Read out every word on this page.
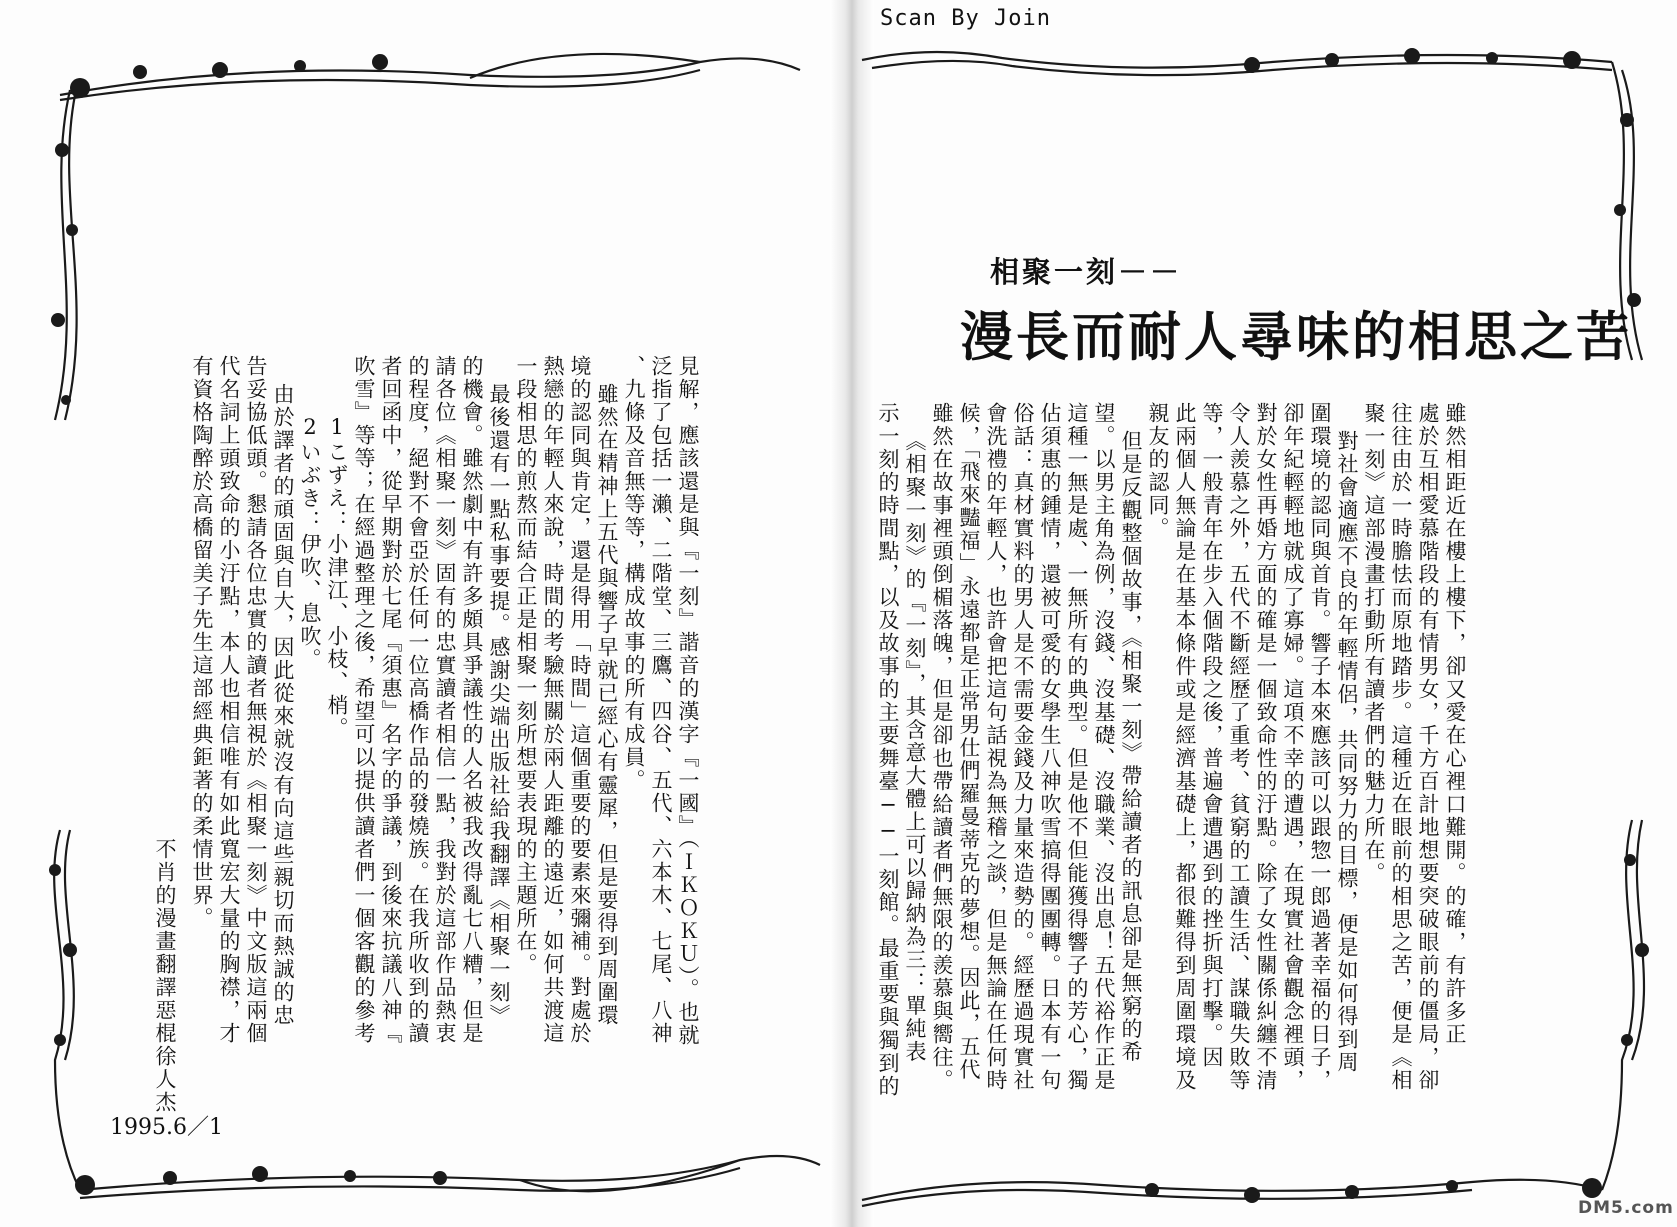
Scan By Join
相聚一刻－－
漫長而耐人尋味的相思之苦
雖然相距近在樓上樓下，卻又愛在心裡口難開。的確，有許多正
處於互相愛慕階段的有情男女，千方百計地想要突破眼前的僵局，卻
往往由於一時膽怯而原地踏步。這種近在眼前的相思之苦，便是《相
聚一刻》這部漫畫打動所有讀者們的魅力所在。
對社會適應不良的年輕情侶，共同努力的目標，便是如何得到周
圍環境的認同與首肯。響子本來應該可以跟惣一郎過著幸福的日子，
卻年紀輕輕地就成了寡婦。這項不幸的遭遇，在現實社會觀念裡頭，
對於女性再婚方面的確是一個致命性的汙點。除了女性關係糾纏不清
令人羨慕之外，五代不斷經歷了重考、貧窮的工讀生活、謀職失敗等
等，一般青年在步入個階段之後，普遍會遭遇到的挫折與打擊。因
此兩個人無論是在基本條件或是經濟基礎上，都很難得到周圍環境及
親友的認同。
但是反觀整個故事，《相聚一刻》帶給讀者的訊息卻是無窮的希
望。以男主角為例，沒錢、沒基礎、沒職業、沒出息！五代裕作正是
這種一無是處、一無所有的典型。但是他不但能獲得響子的芳心，獨
佔須惠的鍾情，還被可愛的女學生八神吹雪搞得團團轉。日本有一句
俗話：真材實料的男人是不需要金錢及力量來造勢的。經歷過現實社
會洗禮的年輕人，也許會把這句話視為無稽之談，但是無論在任何時
候，「飛來豔福」永遠都是正常男仕們羅曼蒂克的夢想。因此，五代
雖然在故事裡頭倒楣落魄，但是卻也帶給讀者們無限的羨慕與嚮往。
《相聚一刻》的『一刻』，其含意大體上可以歸納為三：單純表
示一刻的時間點，以及故事的主要舞臺──一刻館。最重要與獨到的
見解，應該還是與『一刻』諧音的漢字『一國』（ＩＫＯＫＵ）。也就
泛指了包括一瀨、二階堂、三鷹、四谷、五代、六本木、七尾、八神
、九條及音無等等，構成故事的所有成員。
雖然在精神上五代與響子早就已經心有靈犀，但是要得到周圍環
境的認同與肯定，還是得用「時間」這個重要的要素來彌補。對處於
熱戀的年輕人來說，時間的考驗無關於兩人距離的遠近，如何共渡這
一段相思的煎熬而結合正是相聚一刻所想要表現的主題所在。
最後還有一點私事要提。感謝尖端出版社給我翻譯《相聚一刻》
的機會。雖然劇中有許多頗具爭議性的人名被我改得亂七八糟，但是
請各位《相聚一刻》固有的忠實讀者相信一點，我對於這部作品熱衷
的程度，絕對不會亞於任何一位高橋作品的發燒族。在我所收到的讀
者回函中，從早期對於七尾『須惠』名字的爭議，到後來抗議八神『
吹雪』等等；在經過整理之後，希望可以提供讀者們一個客觀的參考
1こずえ：小津江、小枝、梢。
2いぶき：伊吹、息吹。
由於譯者的頑固與自大，因此從來就沒有向這些親切而熱誠的忠
告妥協低頭。懇請各位忠實的讀者無視於《相聚一刻》中文版這兩個
代名詞上頭致命的小汙點，本人也相信唯有如此寬宏大量的胸襟，才
有資格陶醉於高橋留美子先生這部經典鉅著的柔情世界。
不肖的漫畫翻譯惡棍徐人杰
1995.6／1
DM5.com
